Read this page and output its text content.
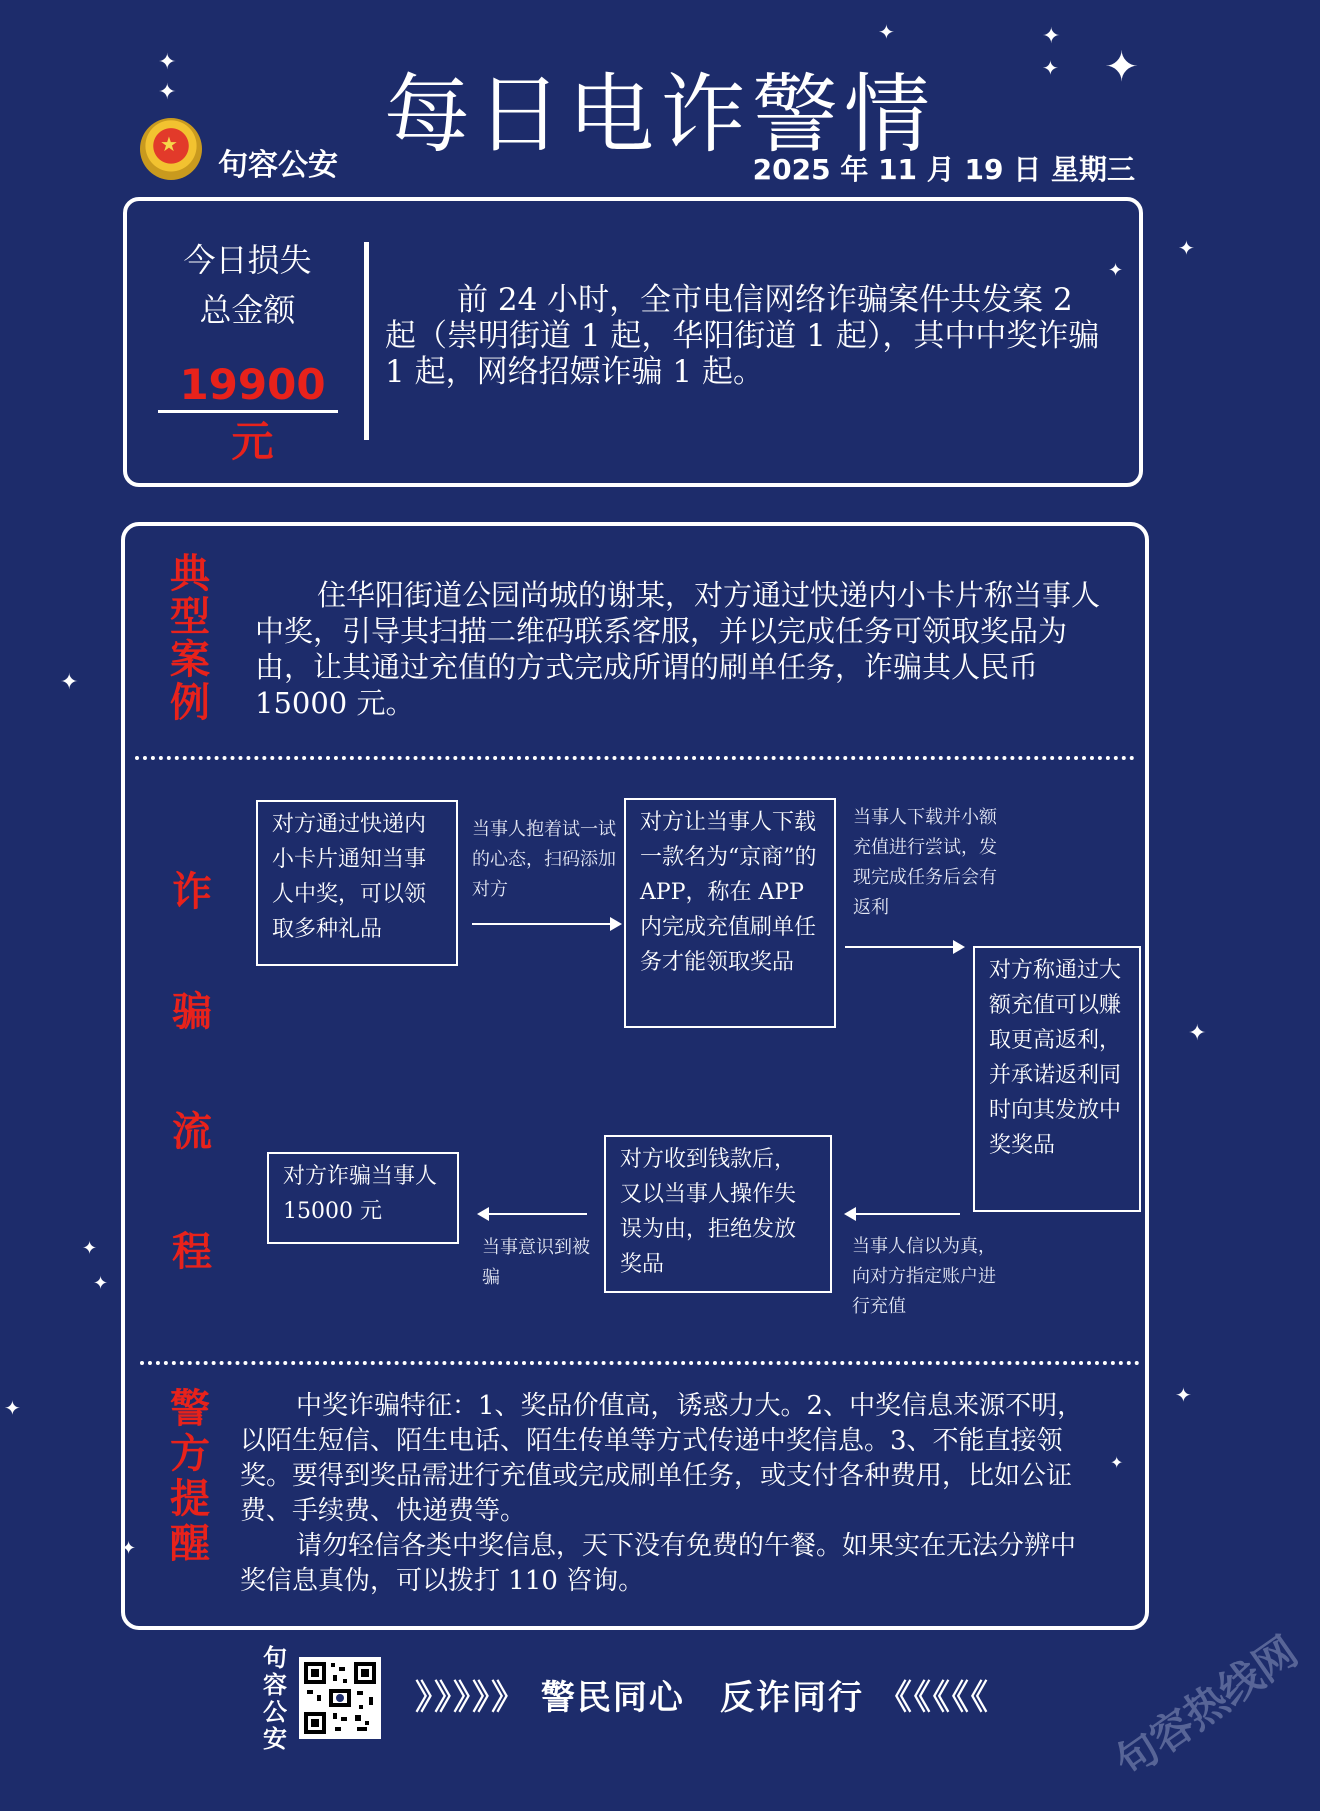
✦
✦
✦	✦
✦ ✦
✦
✦
✦
✦
✦
✦
✦
✦
✦
✦
每日电诈警情
★
句容公安	2025 年 11 月 19 日 星期三
今日损失
总金额
19900 元
前 24 小时，全市电信网络诈骗案件共发案 2 起（崇明街道 1 起，华阳街道 1 起），其中中奖诈骗 1 起，网络招嫖诈骗 1 起。
典
型
案
例
住华阳街道公园尚城的谢某，对方通过快递内小卡片称当事人中奖，引导其扫描二维码联系客服，并以完成任务可领取奖品为由，让其通过充值的方式完成所谓的刷单任务，诈骗其人民币 15000 元。
诈
骗
流
程
对方通过快递内小卡片通知当事人中奖，可以领取多种礼品
当事人抱着试一试的心态，扫码添加对方
对方让当事人下载一款名为“京商”的 APP，称在 APP 内完成充值刷单任务才能领取奖品
当事人下载并小额充值进行尝试，发现完成任务后会有返利
对方称通过大额充值可以赚取更高返利，并承诺返利同时向其发放中奖奖品
当事人信以为真，向对方指定账户进行充值
对方收到钱款后，又以当事人操作失误为由，拒绝发放奖品
当事意识到被骗
对方诈骗当事人 15000 元
警
方
提
醒
中奖诈骗特征：1、奖品价值高，诱惑力大。2、中奖信息来源不明，以陌生短信、陌生电话、陌生传单等方式传递中奖信息。3、不能直接领奖。要得到奖品需进行充值或完成刷单任务，或支付各种费用，比如公证费、手续费、快递费等。
请勿轻信各类中奖信息，天下没有免费的午餐。如果实在无法分辨中奖信息真伪，可以拨打 110 咨询。
句
容
公
安
》》》》》 警民同心 反诈同行 《《《《《	句容热线网
